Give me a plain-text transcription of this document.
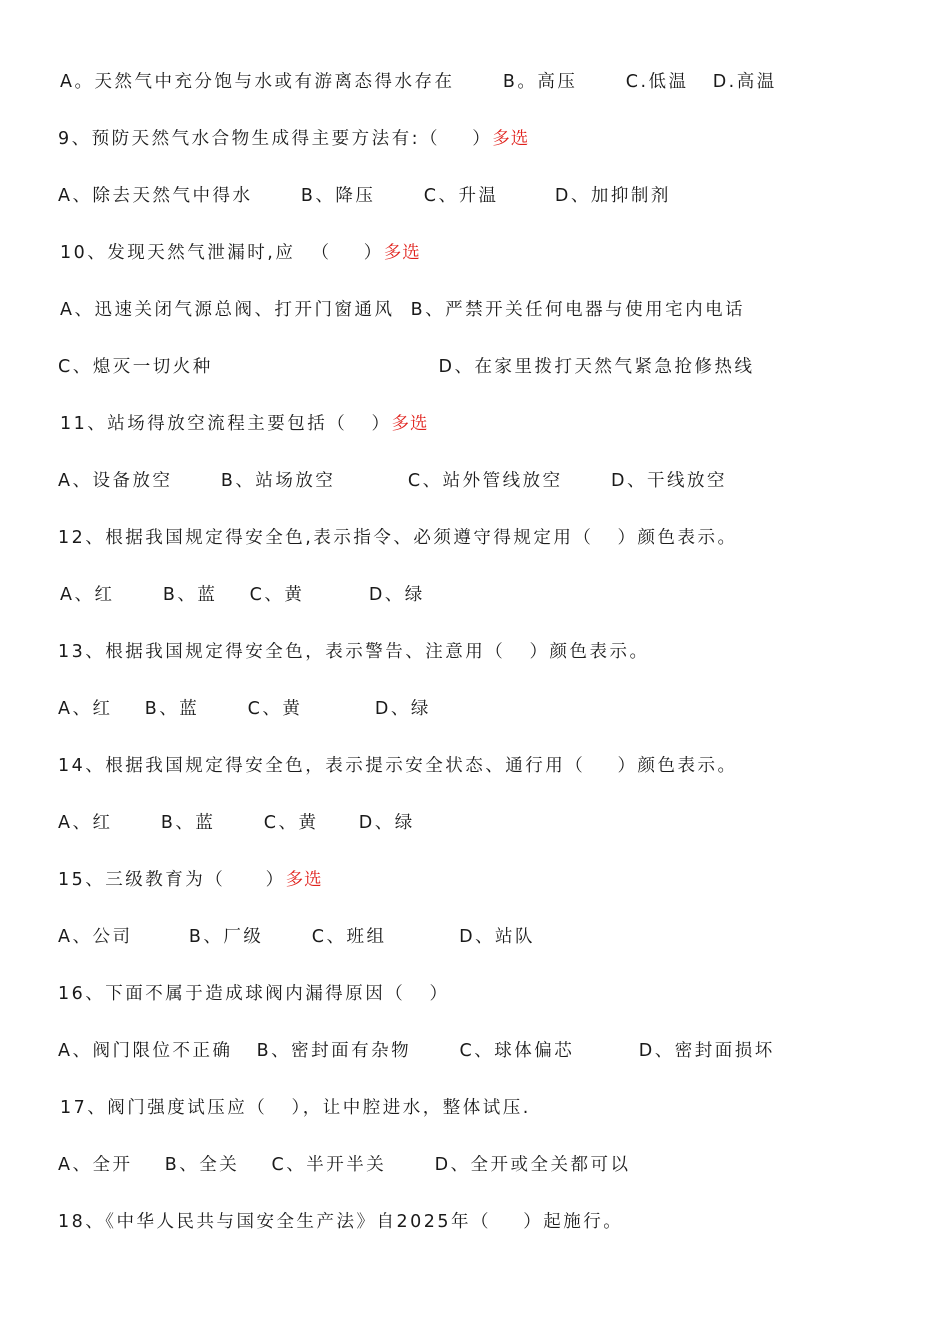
A。天然气中充分饱与水或有游离态得水存在      B。高压      C.低温   D.高温
9、预防天然气水合物生成得主要方法有:（    ）多选
A、除去天然气中得水      B、降压      C、升温       D、加抑制剂
10、发现天然气泄漏时,应  （    ）多选
A、迅速关闭气源总阀、打开门窗通风  B、严禁开关任何电器与使用宅内电话
C、熄灭一切火种                            D、在家里拨打天然气紧急抢修热线
11、站场得放空流程主要包括（   ）多选
A、设备放空      B、站场放空         C、站外管线放空      D、干线放空
12、根据我国规定得安全色,表示指令、必须遵守得规定用（   ）颜色表示。
A、红      B、蓝    C、黄        D、绿
13、根据我国规定得安全色，表示警告、注意用（   ）颜色表示。
A、红    B、蓝      C、黄         D、绿
14、根据我国规定得安全色，表示提示安全状态、通行用（    ）颜色表示。
A、红      B、蓝      C、黄     D、绿
15、三级教育为（     ）多选
A、公司       B、厂级      C、班组         D、站队
16、下面不属于造成球阀内漏得原因（   ）
A、阀门限位不正确   B、密封面有杂物      C、球体偏芯        D、密封面损坏
17、阀门强度试压应（   ），让中腔进水，整体试压.
A、全开    B、全关    C、半开半关      D、全开或全关都可以
18、《中华人民共与国安全生产法》自2025年（    ）起施行。
